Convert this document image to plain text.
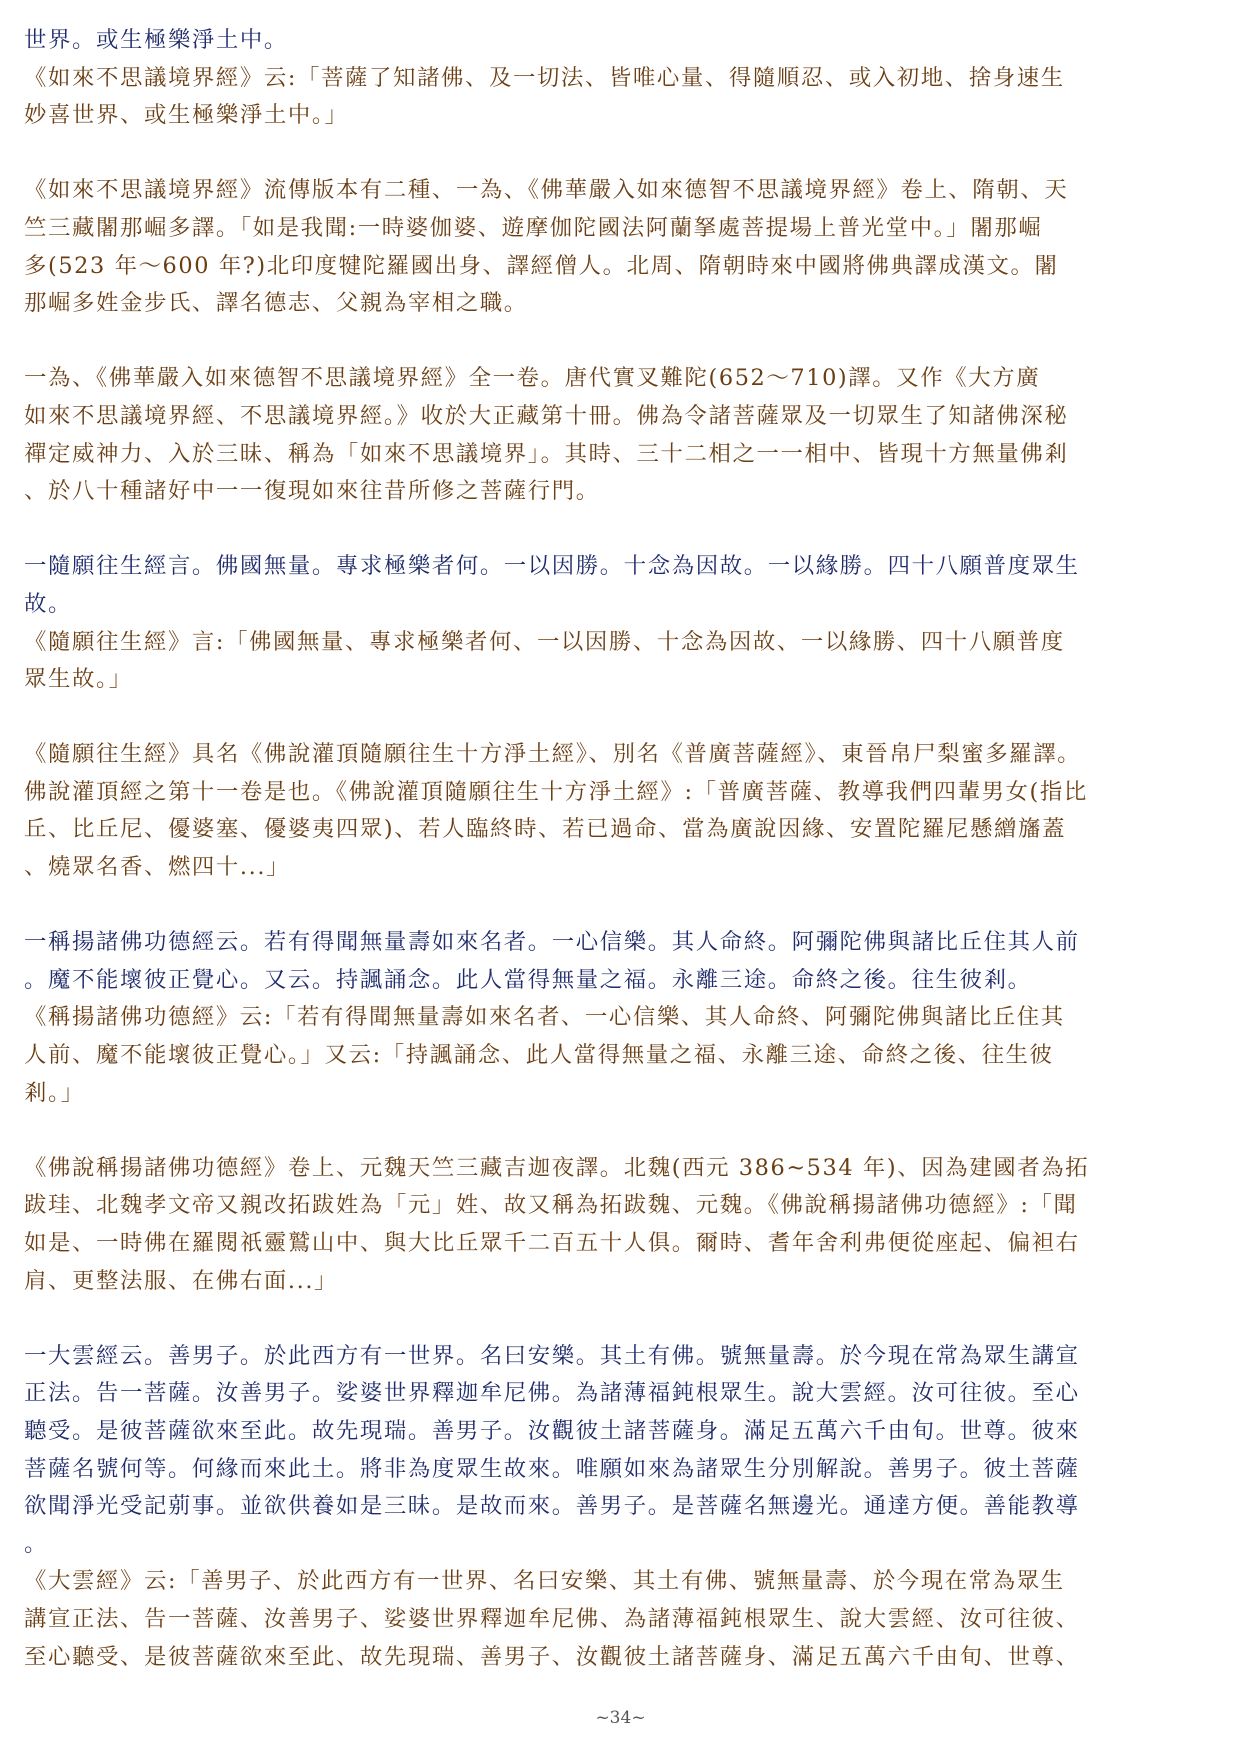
世界。或生極樂淨土中。
《如來不思議境界經》云:「菩薩了知諸佛、及一切法、皆唯心量、得隨順忍、或入初地、捨身速生
妙喜世界、或生極樂淨土中。」
《如來不思議境界經》流傳版本有二種、一為、《佛華嚴入如來德智不思議境界經》卷上、隋朝、天
竺三藏闍那崛多譯。「如是我聞:一時婆伽婆、遊摩伽陀國法阿蘭拏處菩提場上普光堂中。」闍那崛
多(523 年～600 年?)北印度犍陀羅國出身、譯經僧人。北周、隋朝時來中國將佛典譯成漢文。闍
那崛多姓金步氏、譯名德志、父親為宰相之職。
一為、《佛華嚴入如來德智不思議境界經》全一卷。唐代實叉難陀(652～710)譯。又作《大方廣
如來不思議境界經、不思議境界經。》收於大正藏第十冊。佛為令諸菩薩眾及一切眾生了知諸佛深秘
禪定威神力、入於三昧、稱為「如來不思議境界」。其時、三十二相之一一相中、皆現十方無量佛剎
、於八十種諸好中一一復現如來往昔所修之菩薩行門。
一隨願往生經言。佛國無量。專求極樂者何。一以因勝。十念為因故。一以緣勝。四十八願普度眾生
故。
《隨願往生經》言:「佛國無量、專求極樂者何、一以因勝、十念為因故、一以緣勝、四十八願普度
眾生故。」
《隨願往生經》具名《佛說灌頂隨願往生十方淨土經》、別名《普廣菩薩經》、東晉帛尸梨蜜多羅譯。
佛說灌頂經之第十一卷是也。《佛說灌頂隨願往生十方淨土經》:「普廣菩薩、教導我們四輩男女(指比
丘、比丘尼、優婆塞、優婆夷四眾)、若人臨終時、若已過命、當為廣說因緣、安置陀羅尼懸繒旛蓋
、燒眾名香、燃四十...」
一稱揚諸佛功德經云。若有得聞無量壽如來名者。一心信樂。其人命終。阿彌陀佛與諸比丘住其人前
。魔不能壞彼正覺心。又云。持諷誦念。此人當得無量之福。永離三途。命終之後。往生彼剎。
《稱揚諸佛功德經》云:「若有得聞無量壽如來名者、一心信樂、其人命終、阿彌陀佛與諸比丘住其
人前、魔不能壞彼正覺心。」又云:「持諷誦念、此人當得無量之福、永離三途、命終之後、往生彼
剎。」
《佛說稱揚諸佛功德經》卷上、元魏天竺三藏吉迦夜譯。北魏(西元 386~534 年)、因為建國者為拓
跋珪、北魏孝文帝又親改拓跋姓為「元」姓、故又稱為拓跋魏、元魏。《佛說稱揚諸佛功德經》:「聞
如是、一時佛在羅閱祇靈鷲山中、與大比丘眾千二百五十人俱。爾時、耆年舍利弗便從座起、偏袒右
肩、更整法服、在佛右面...」
一大雲經云。善男子。於此西方有一世界。名曰安樂。其土有佛。號無量壽。於今現在常為眾生講宣
正法。告一菩薩。汝善男子。娑婆世界釋迦牟尼佛。為諸薄福鈍根眾生。說大雲經。汝可往彼。至心
聽受。是彼菩薩欲來至此。故先現瑞。善男子。汝觀彼土諸菩薩身。滿足五萬六千由旬。世尊。彼來
菩薩名號何等。何緣而來此土。將非為度眾生故來。唯願如來為諸眾生分別解說。善男子。彼土菩薩
欲聞淨光受記莂事。並欲供養如是三昧。是故而來。善男子。是菩薩名無邊光。通達方便。善能教導
。
《大雲經》云:「善男子、於此西方有一世界、名曰安樂、其土有佛、號無量壽、於今現在常為眾生
講宣正法、告一菩薩、汝善男子、娑婆世界釋迦牟尼佛、為諸薄福鈍根眾生、說大雲經、汝可往彼、
至心聽受、是彼菩薩欲來至此、故先現瑞、善男子、汝觀彼土諸菩薩身、滿足五萬六千由旬、世尊、
~34~
